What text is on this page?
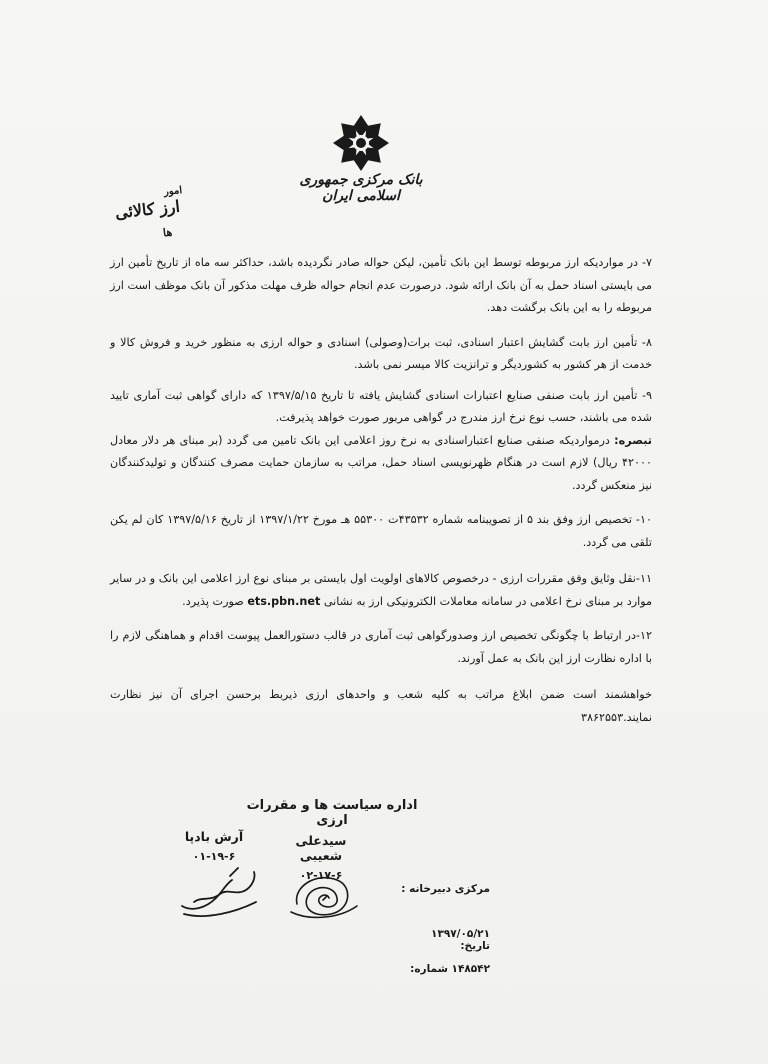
بانک مرکزی جمهوری اسلامی ایران
امور
ارز کالائی
ها

۷- در مواردیکه ارز مربوطه توسط این بانک تأمین، لیکن حواله صادر نگردیده باشد، حداکثر سه ماه از تاریخ تأمین ارز می بایستی اسناد حمل به آن بانک ارائه شود. درصورت عدم انجام حواله ظرف مهلت مذکور آن بانک موظف است ارز مربوطه را به این بانک برگشت دهد.

۸- تأمین ارز بابت گشایش اعتبار اسنادی، ثبت برات(وصولی) اسنادی و حواله ارزی به منظور خرید و فروش کالا و خدمت از هر کشور به کشوردیگر و ترانزیت کالا میسر نمی باشد.

۹- تأمین ارز بابت صنفی صنایع اعتبارات اسنادی گشایش یافته تا تاریخ ۱۳۹۷/۵/۱۵ که دارای گواهی ثبت آماری تایید شده می باشند، حسب نوع نرخ ارز مندرج در گواهی مربور صورت خواهد پذیرفت.

تبصره: درمواردیکه صنفی صنایع اعتباراسنادی به نرخ روز اعلامی این بانک تامین می گردد (بر مبنای هر دلار معادل ۴۲۰۰۰ ریال) لازم است در هنگام ظهرنویسی اسناد حمل، مراتب به سازمان حمایت مصرف کنندگان و تولیدکنندگان نیز منعکس گردد.

۱۰- تخصیص ارز وفق بند ۵ از تصویبنامه شماره ۴۳۵۳۲ت ۵۵۳۰۰ هـ مورخ ۱۳۹۷/۱/۲۲ از تاریخ ۱۳۹۷/۵/۱۶ کان لم یکن تلقی می گردد.

۱۱-نقل وثایق وفق مقررات ارزی - درخصوص کالاهای اولویت اول بایستی بر مبنای نوع ارز اعلامی این بانک و در سایر موارد بر مبنای نرخ اعلامی در سامانه معاملات الکترونیکی ارز به نشانی ets.pbn.net صورت پذیرد.

۱۲-در ارتباط با چگونگی تخصیص ارز وصدورگواهی ثبت آماری در قالب دستورالعمل پیوست اقدام و هماهنگی لازم را با اداره نظارت ارز این بانک به عمل آورند.

خواهشمند است ضمن ابلاغ مراتب به کلیه شعب و واحدهای ارزی ذیربط برحسن اجرای آن نیز نظارت نمایند.۳۸۶۲۵۵۳

اداره سیاست ها و مقررات ارزی
سیدعلی شعیبی
۰۲-۱۷-۶
آرش بادپا
۰۱-۱۹-۶
مرکزی دبیرخانه :
۱۳۹۷/۰۵/۲۱ تاریخ:
۱۴۸۵۴۲ شماره:
